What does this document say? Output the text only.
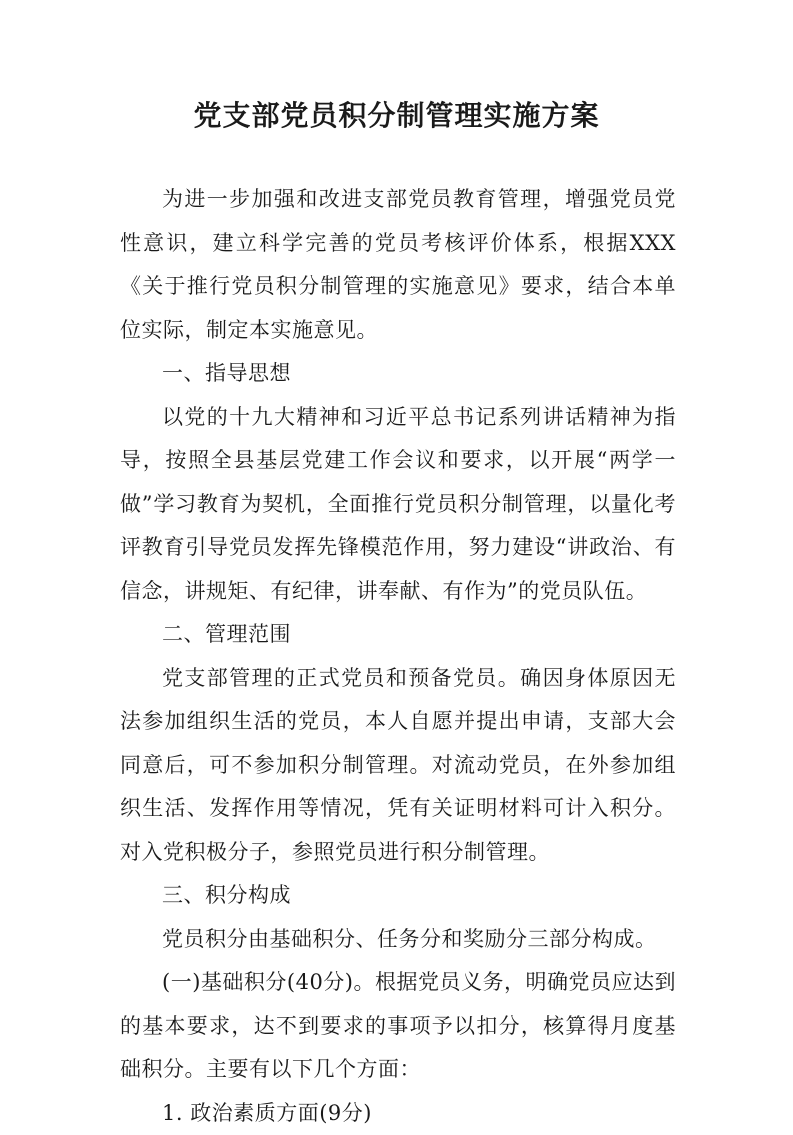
党支部党员积分制管理实施方案

为进一步加强和改进支部党员教育管理，增强党员党性意识，建立科学完善的党员考核评价体系，根据XXX《关于推行党员积分制管理的实施意见》要求，结合本单位实际，制定本实施意见。

一、指导思想

以党的十九大精神和习近平总书记系列讲话精神为指导，按照全县基层党建工作会议和要求，以开展“两学一做”学习教育为契机，全面推行党员积分制管理，以量化考评教育引导党员发挥先锋模范作用，努力建设“讲政治、有信念，讲规矩、有纪律，讲奉献、有作为”的党员队伍。

二、管理范围

党支部管理的正式党员和预备党员。确因身体原因无法参加组织生活的党员，本人自愿并提出申请，支部大会同意后，可不参加积分制管理。对流动党员，在外参加组织生活、发挥作用等情况，凭有关证明材料可计入积分。对入党积极分子，参照党员进行积分制管理。

三、积分构成

党员积分由基础积分、任务分和奖励分三部分构成。

(一)基础积分(40分)。根据党员义务，明确党员应达到的基本要求，达不到要求的事项予以扣分，核算得月度基础积分。主要有以下几个方面：

1. 政治素质方面(9分)
